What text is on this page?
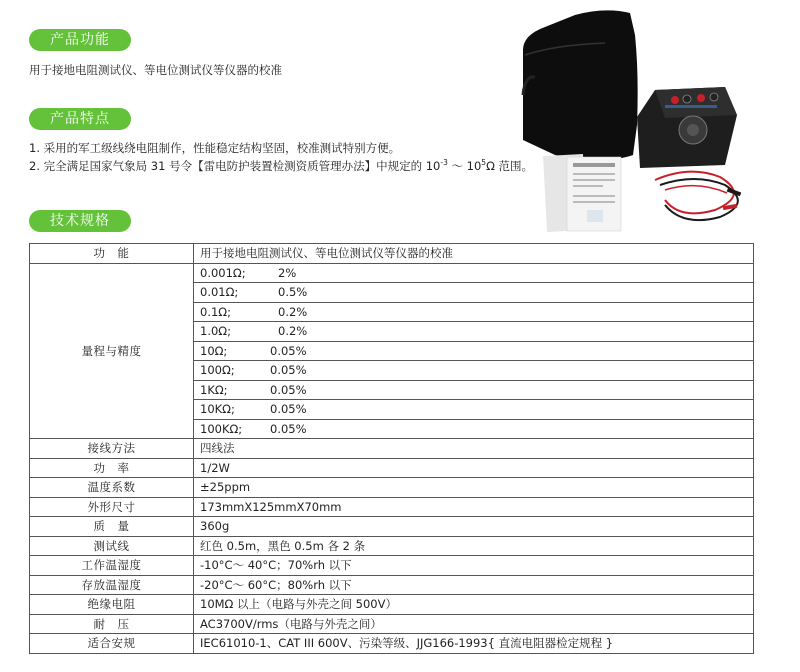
产品功能
用于接地电阻测试仪、等电位测试仪等仪器的校准
产品特点
1. 采用的军工级线绕电阻制作，性能稳定结构坚固，校准测试特别方便。
2. 完全满足国家气象局 31 号令【雷电防护装置检测资质管理办法】中规定的 $10^{-3}$ ～ $10^5\Omega$ 范围。
技术规格
功　能	用于接地电阻测试仪、等电位测试仪等仪器的校准
量程与精度	0.001Ω; 2%
	0.01Ω; 0.5%
	0.1Ω; 0.2%
	1.0Ω; 0.2%
	10Ω; 0.05%
	100Ω; 0.05%
	1KΩ; 0.05%
	10KΩ; 0.05%
	100KΩ; 0.05%
接线方法	四线法
功　率	1/2W
温度系数	±25ppm
外形尺寸	173mmX125mmX70mm
质　量	360g
测试线	红色 0.5m，黑色 0.5m 各 2 条
工作温湿度	-10°C～ 40°C；70%rh 以下
存放温湿度	-20°C～ 60°C；80%rh 以下
绝缘电阻	10MΩ 以上（电路与外壳之间 500V）
耐　压	AC3700V/rms（电路与外壳之间）
适合安规	IEC61010-1、CAT III 600V、污染等级、JJG166-1993{ 直流电阻器检定规程 }
